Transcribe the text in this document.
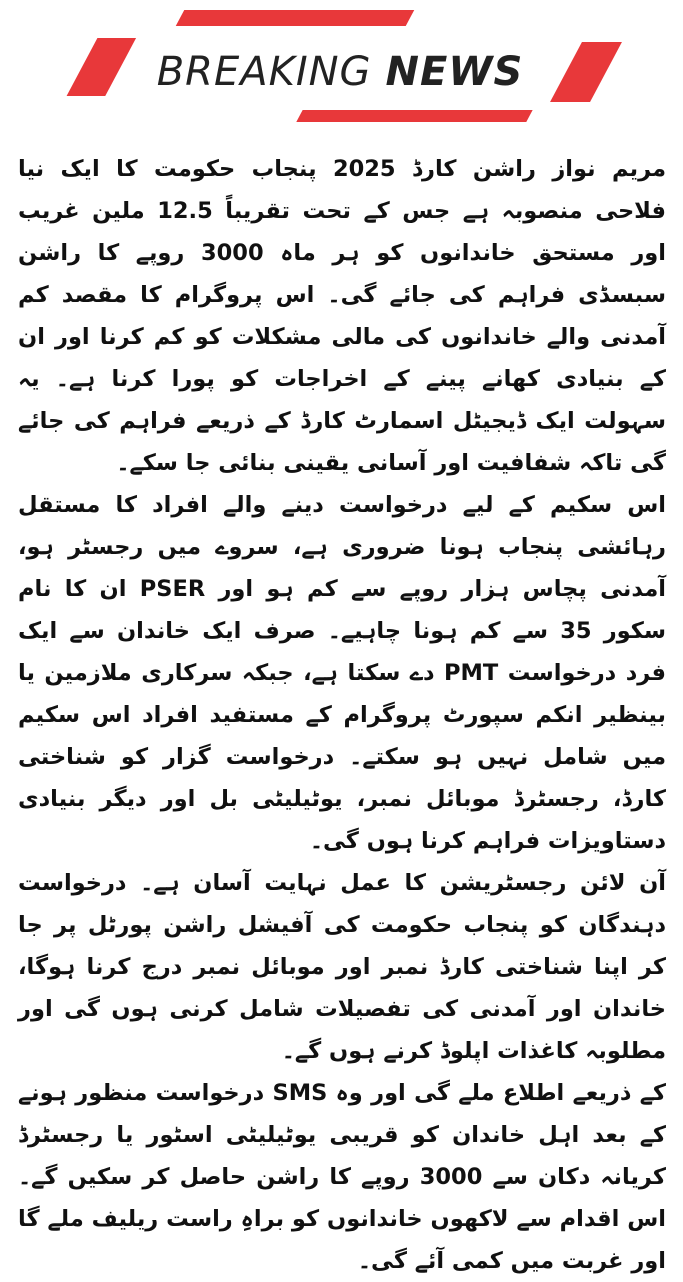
BREAKING NEWS

مریم نواز راشن کارڈ 2025 پنجاب حکومت کا ایک نیا فلاحی منصوبہ ہے جس کے تحت تقریباً 12.5 ملین غریب اور مستحق خاندانوں کو ہر ماہ 3000 روپے کا راشن سبسڈی فراہم کی جائے گی۔ اس پروگرام کا مقصد کم آمدنی والے خاندانوں کی مالی مشکلات کو کم کرنا اور ان کے بنیادی کھانے پینے کے اخراجات کو پورا کرنا ہے۔ یہ سہولت ایک ڈیجیٹل اسمارٹ کارڈ کے ذریعے فراہم کی جائے گی تاکہ شفافیت اور آسانی یقینی بنائی جا سکے۔

اس سکیم کے لیے درخواست دینے والے افراد کا مستقل رہائشی پنجاب ہونا ضروری ہے، سروے میں رجسٹر ہو، آمدنی پچاس ہزار روپے سے کم ہو اور PSER ان کا نام سکور 35 سے کم ہونا چاہیے۔ صرف ایک خاندان سے ایک فرد درخواست PMT دے سکتا ہے، جبکہ سرکاری ملازمین یا بینظیر انکم سپورٹ پروگرام کے مستفید افراد اس سکیم میں شامل نہیں ہو سکتے۔ درخواست گزار کو شناختی کارڈ، رجسٹرڈ موبائل نمبر، یوٹیلیٹی بل اور دیگر بنیادی دستاویزات فراہم کرنا ہوں گی۔

آن لائن رجسٹریشن کا عمل نہایت آسان ہے۔ درخواست دہندگان کو پنجاب حکومت کی آفیشل راشن پورٹل پر جا کر اپنا شناختی کارڈ نمبر اور موبائل نمبر درج کرنا ہوگا، خاندان اور آمدنی کی تفصیلات شامل کرنی ہوں گی اور مطلوبہ کاغذات اپلوڈ کرنے ہوں گے۔

کے ذریعے اطلاع ملے گی اور وہ SMS درخواست منظور ہونے کے بعد اہل خاندان کو قریبی یوٹیلیٹی اسٹور یا رجسٹرڈ کریانہ دکان سے 3000 روپے کا راشن حاصل کر سکیں گے۔ اس اقدام سے لاکھوں خاندانوں کو براہِ راست ریلیف ملے گا اور غربت میں کمی آئے گی۔
